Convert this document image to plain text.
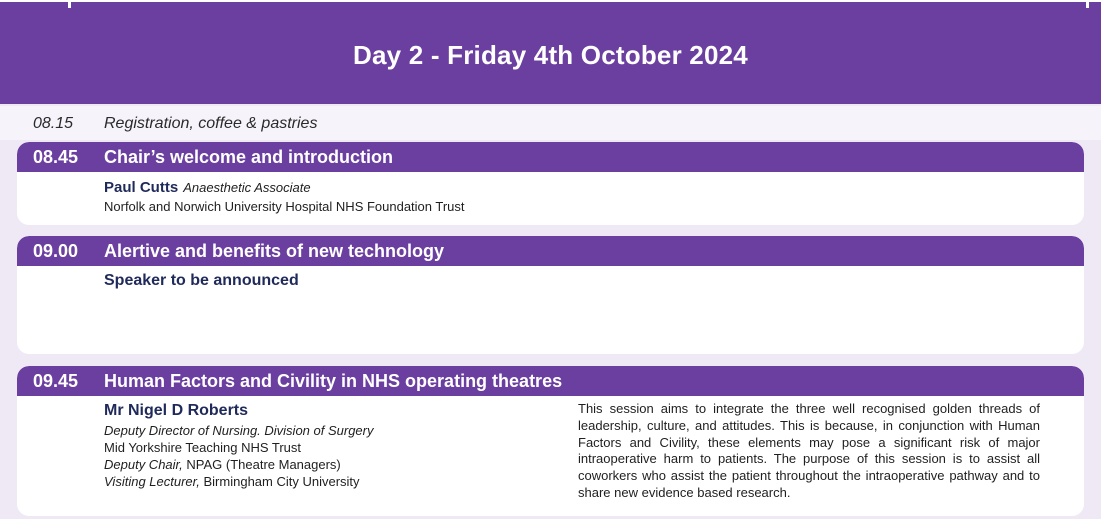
Day 2 - Friday 4th October 2024
08.15 Registration, coffee & pastries
08.45 Chair’s welcome and introduction
Paul Cutts Anaesthetic Associate
Norfolk and Norwich University Hospital NHS Foundation Trust
09.00 Alertive and benefits of new technology
Speaker to be announced
09.45 Human Factors and Civility in NHS operating theatres
Mr Nigel D Roberts
Deputy Director of Nursing. Division of Surgery
Mid Yorkshire Teaching NHS Trust
Deputy Chair, NPAG (Theatre Managers)
Visiting Lecturer, Birmingham City University
This session aims to integrate the three well recognised golden threads of leadership, culture, and attitudes. This is because, in conjunction with Human Factors and Civility, these elements may pose a significant risk of major intraoperative harm to patients. The purpose of this session is to assist all coworkers who assist the patient throughout the intraoperative pathway and to share new evidence based research.
